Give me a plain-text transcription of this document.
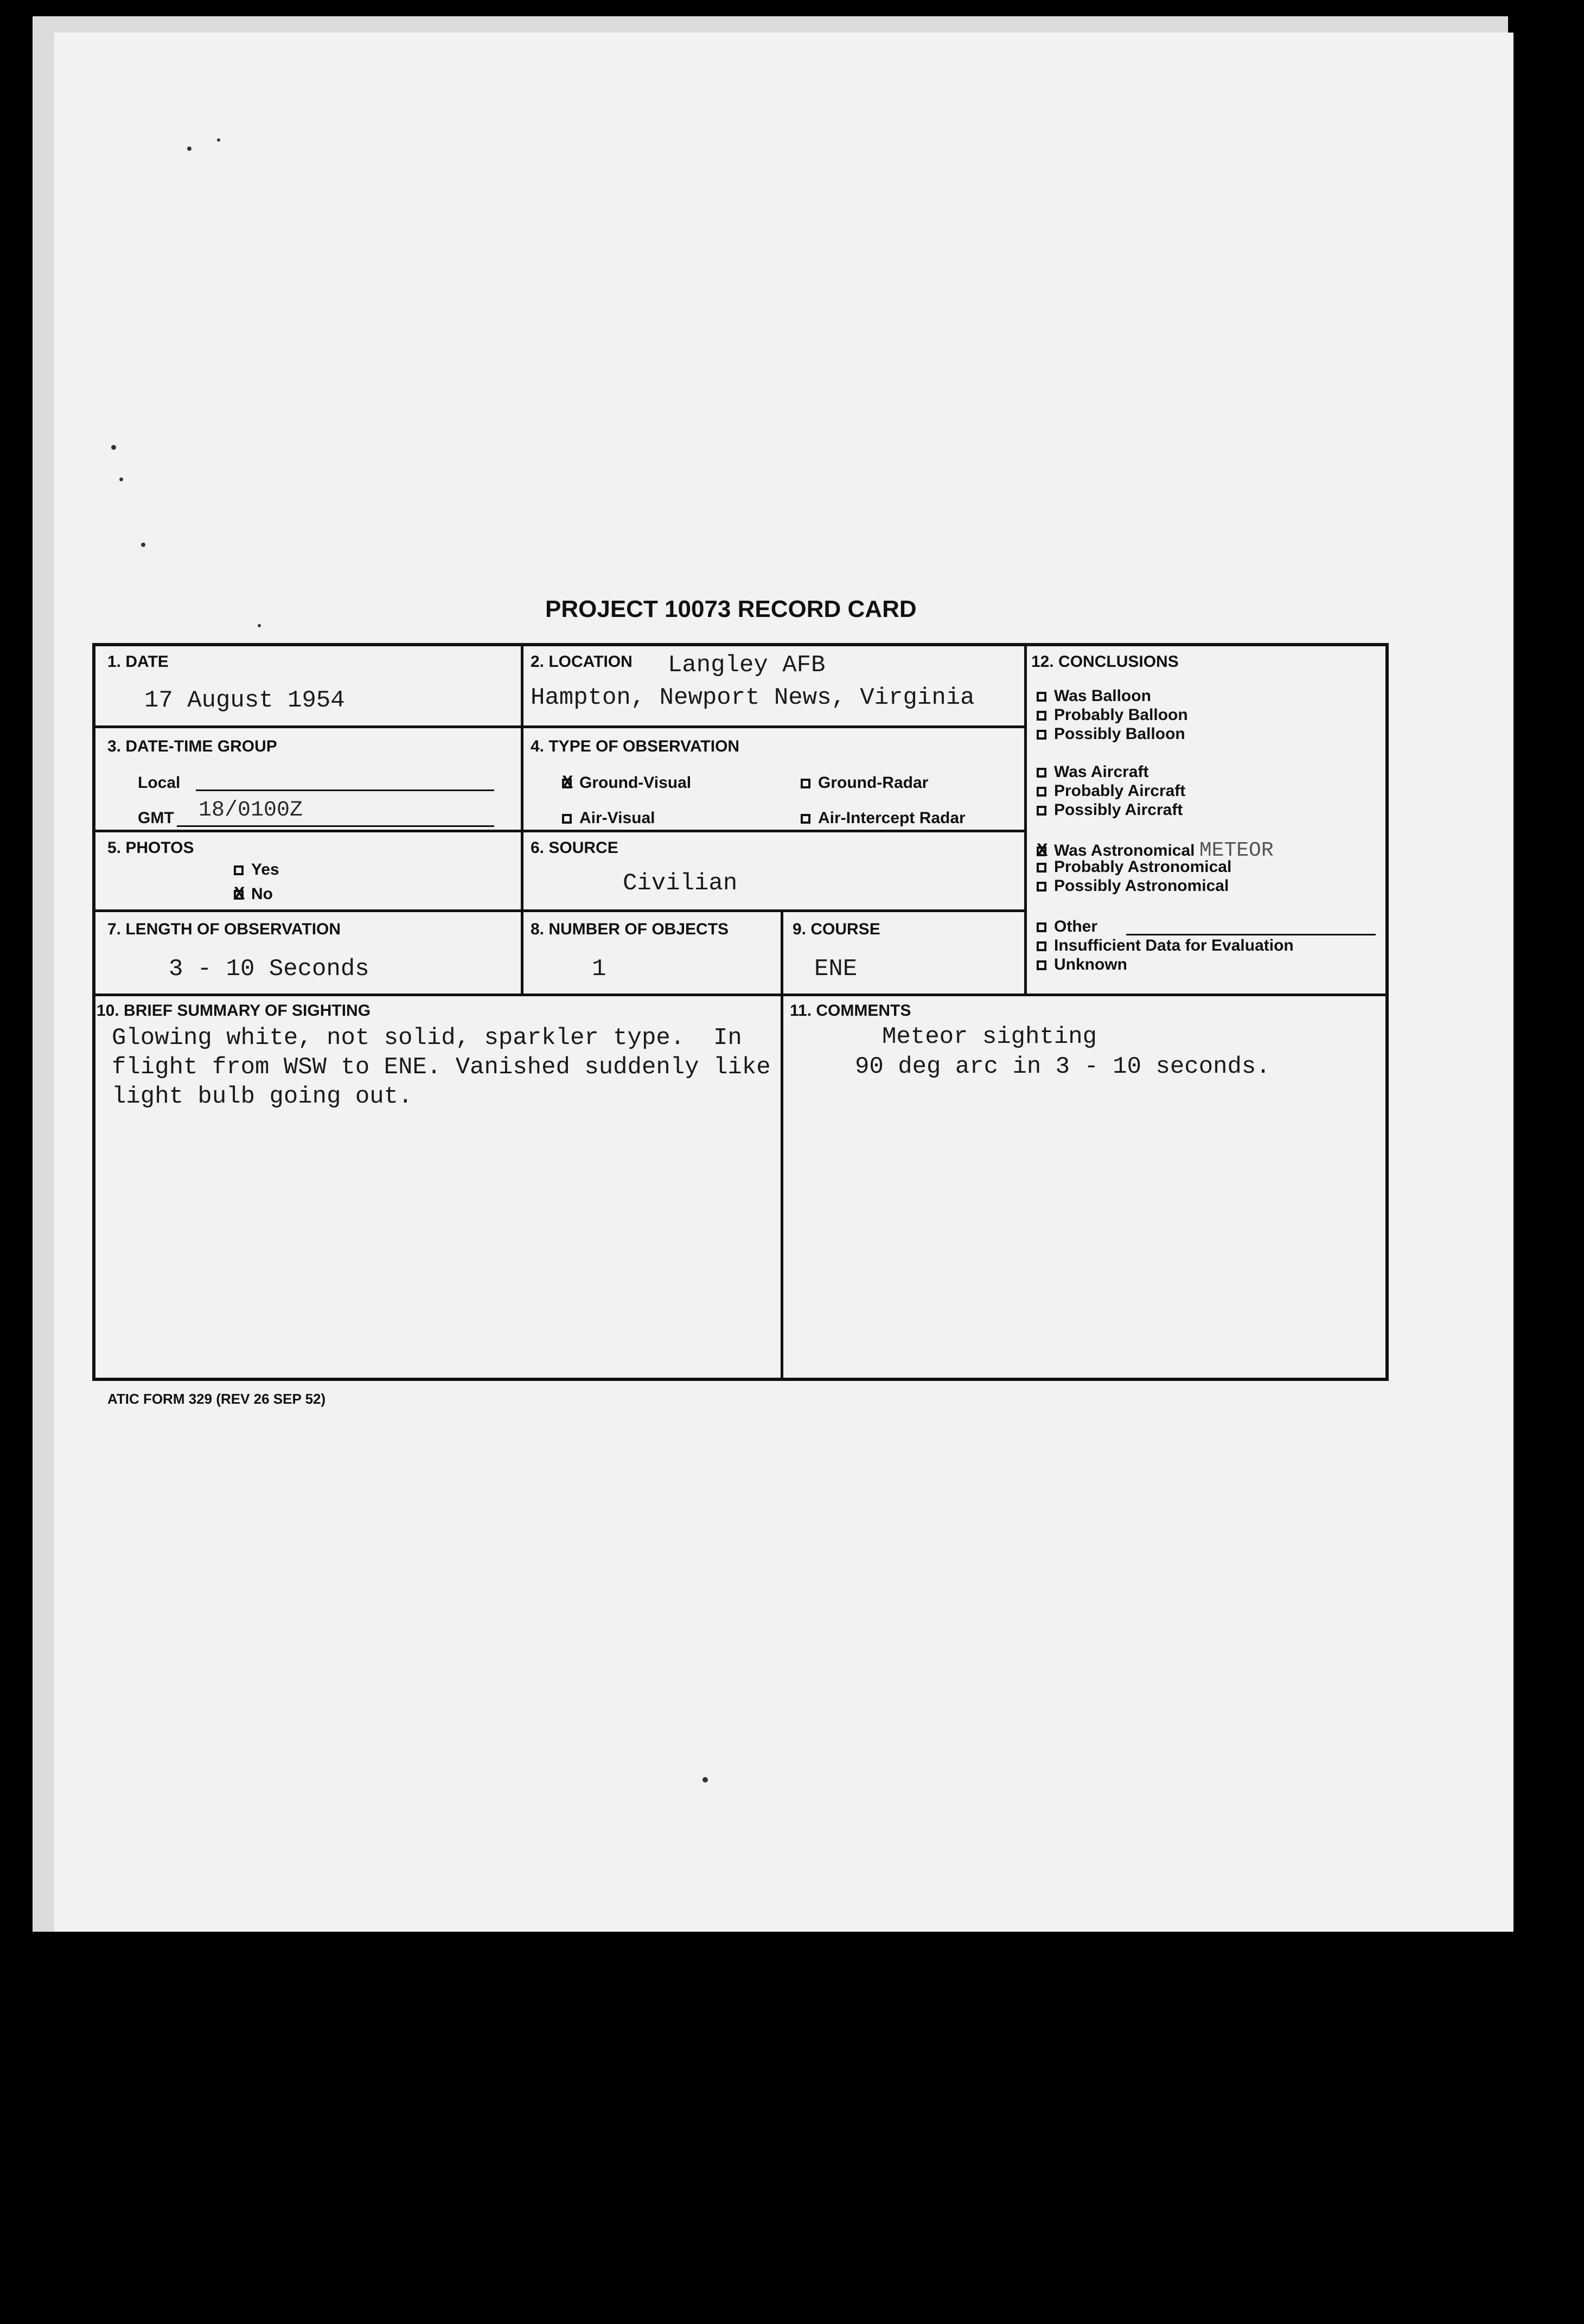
PROJECT 10073 RECORD CARD
1. DATE
17 August 1954
2. LOCATION Langley AFB
Hampton, Newport News, Virginia
3. DATE-TIME GROUP
Local
GMT 18/0100Z
4. TYPE OF OBSERVATION
XGround-Visual	Ground-Radar
Air-Visual	Air-Intercept Radar
5. PHOTOS
Yes
XNo
6. SOURCE
Civilian
7. LENGTH OF OBSERVATION
3 - 10 Seconds
8. NUMBER OF OBJECTS
1
9. COURSE
ENE
10. BRIEF SUMMARY OF SIGHTING
Glowing white, not solid, sparkler type.  In
flight from WSW to ENE. Vanished suddenly like
light bulb going out.
11. COMMENTS
Meteor sighting
90 deg arc in 3 - 10 seconds.
12. CONCLUSIONS
Was Balloon
Probably Balloon
Possibly Balloon
Was Aircraft
Probably Aircraft
Possibly Aircraft
XWas Astronomical METEOR
Probably Astronomical
Possibly Astronomical
Other
Insufficient Data for Evaluation
Unknown
ATIC FORM 329 (REV 26 SEP 52)
